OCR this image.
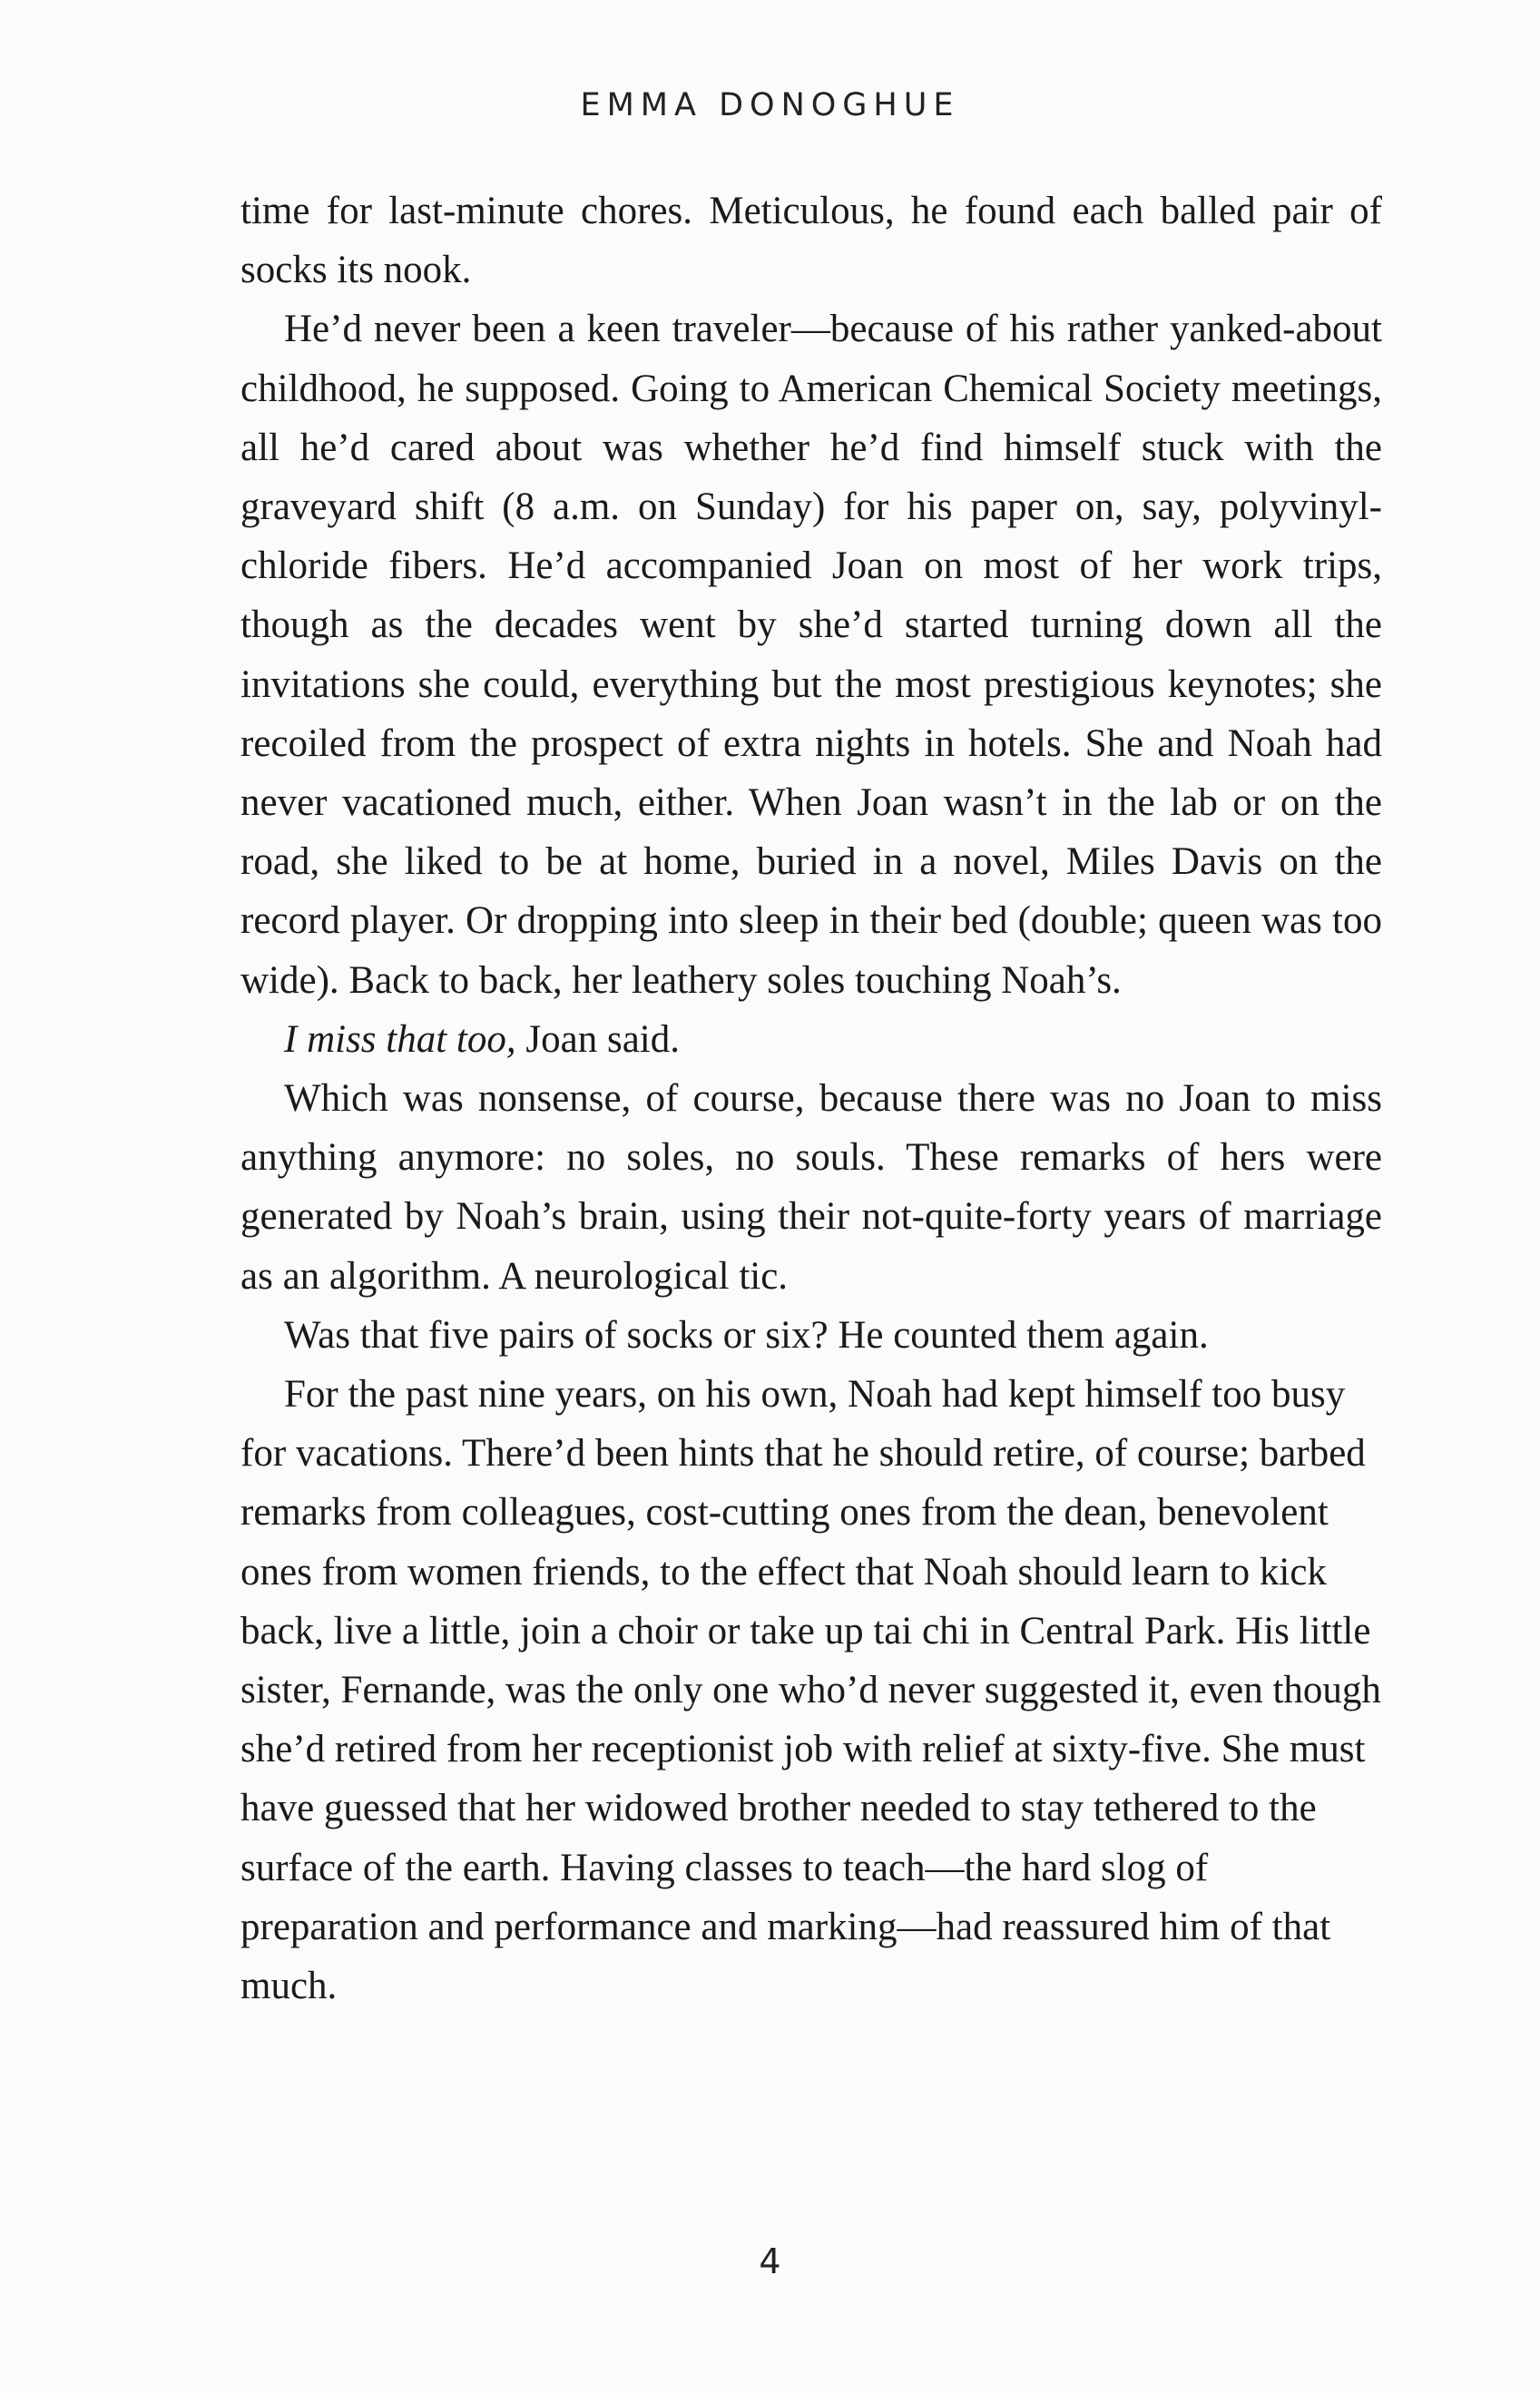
EMMA DONOGHUE

time for last-minute chores. Meticulous, he found each balled pair of socks its nook.

He’d never been a keen traveler—because of his rather yanked-about childhood, he supposed. Going to American Chemical Society meetings, all he’d cared about was whether he’d find himself stuck with the graveyard shift (8 a.m. on Sunday) for his paper on, say, polyvinyl-chloride fibers. He’d accompanied Joan on most of her work trips, though as the decades went by she’d started turning down all the invitations she could, everything but the most prestigious keynotes; she recoiled from the prospect of extra nights in hotels. She and Noah had never vacationed much, either. When Joan wasn’t in the lab or on the road, she liked to be at home, buried in a novel, Miles Davis on the record player. Or dropping into sleep in their bed (double; queen was too wide). Back to back, her leathery soles touching Noah’s.

I miss that too, Joan said.

Which was nonsense, of course, because there was no Joan to miss anything anymore: no soles, no souls. These remarks of hers were generated by Noah’s brain, using their not-quite-forty years of marriage as an algorithm. A neurological tic.

Was that five pairs of socks or six? He counted them again.

For the past nine years, on his own, Noah had kept himself too busy for vacations. There’d been hints that he should retire, of course; barbed remarks from colleagues, cost-cutting ones from the dean, benevolent ones from women friends, to the effect that Noah should learn to kick back, live a little, join a choir or take up tai chi in Central Park. His little sister, Fernande, was the only one who’d never suggested it, even though she’d retired from her receptionist job with relief at sixty-five. She must have guessed that her widowed brother needed to stay tethered to the surface of the earth. Having classes to teach—the hard slog of preparation and performance and marking—had reassured him of that much.

4
